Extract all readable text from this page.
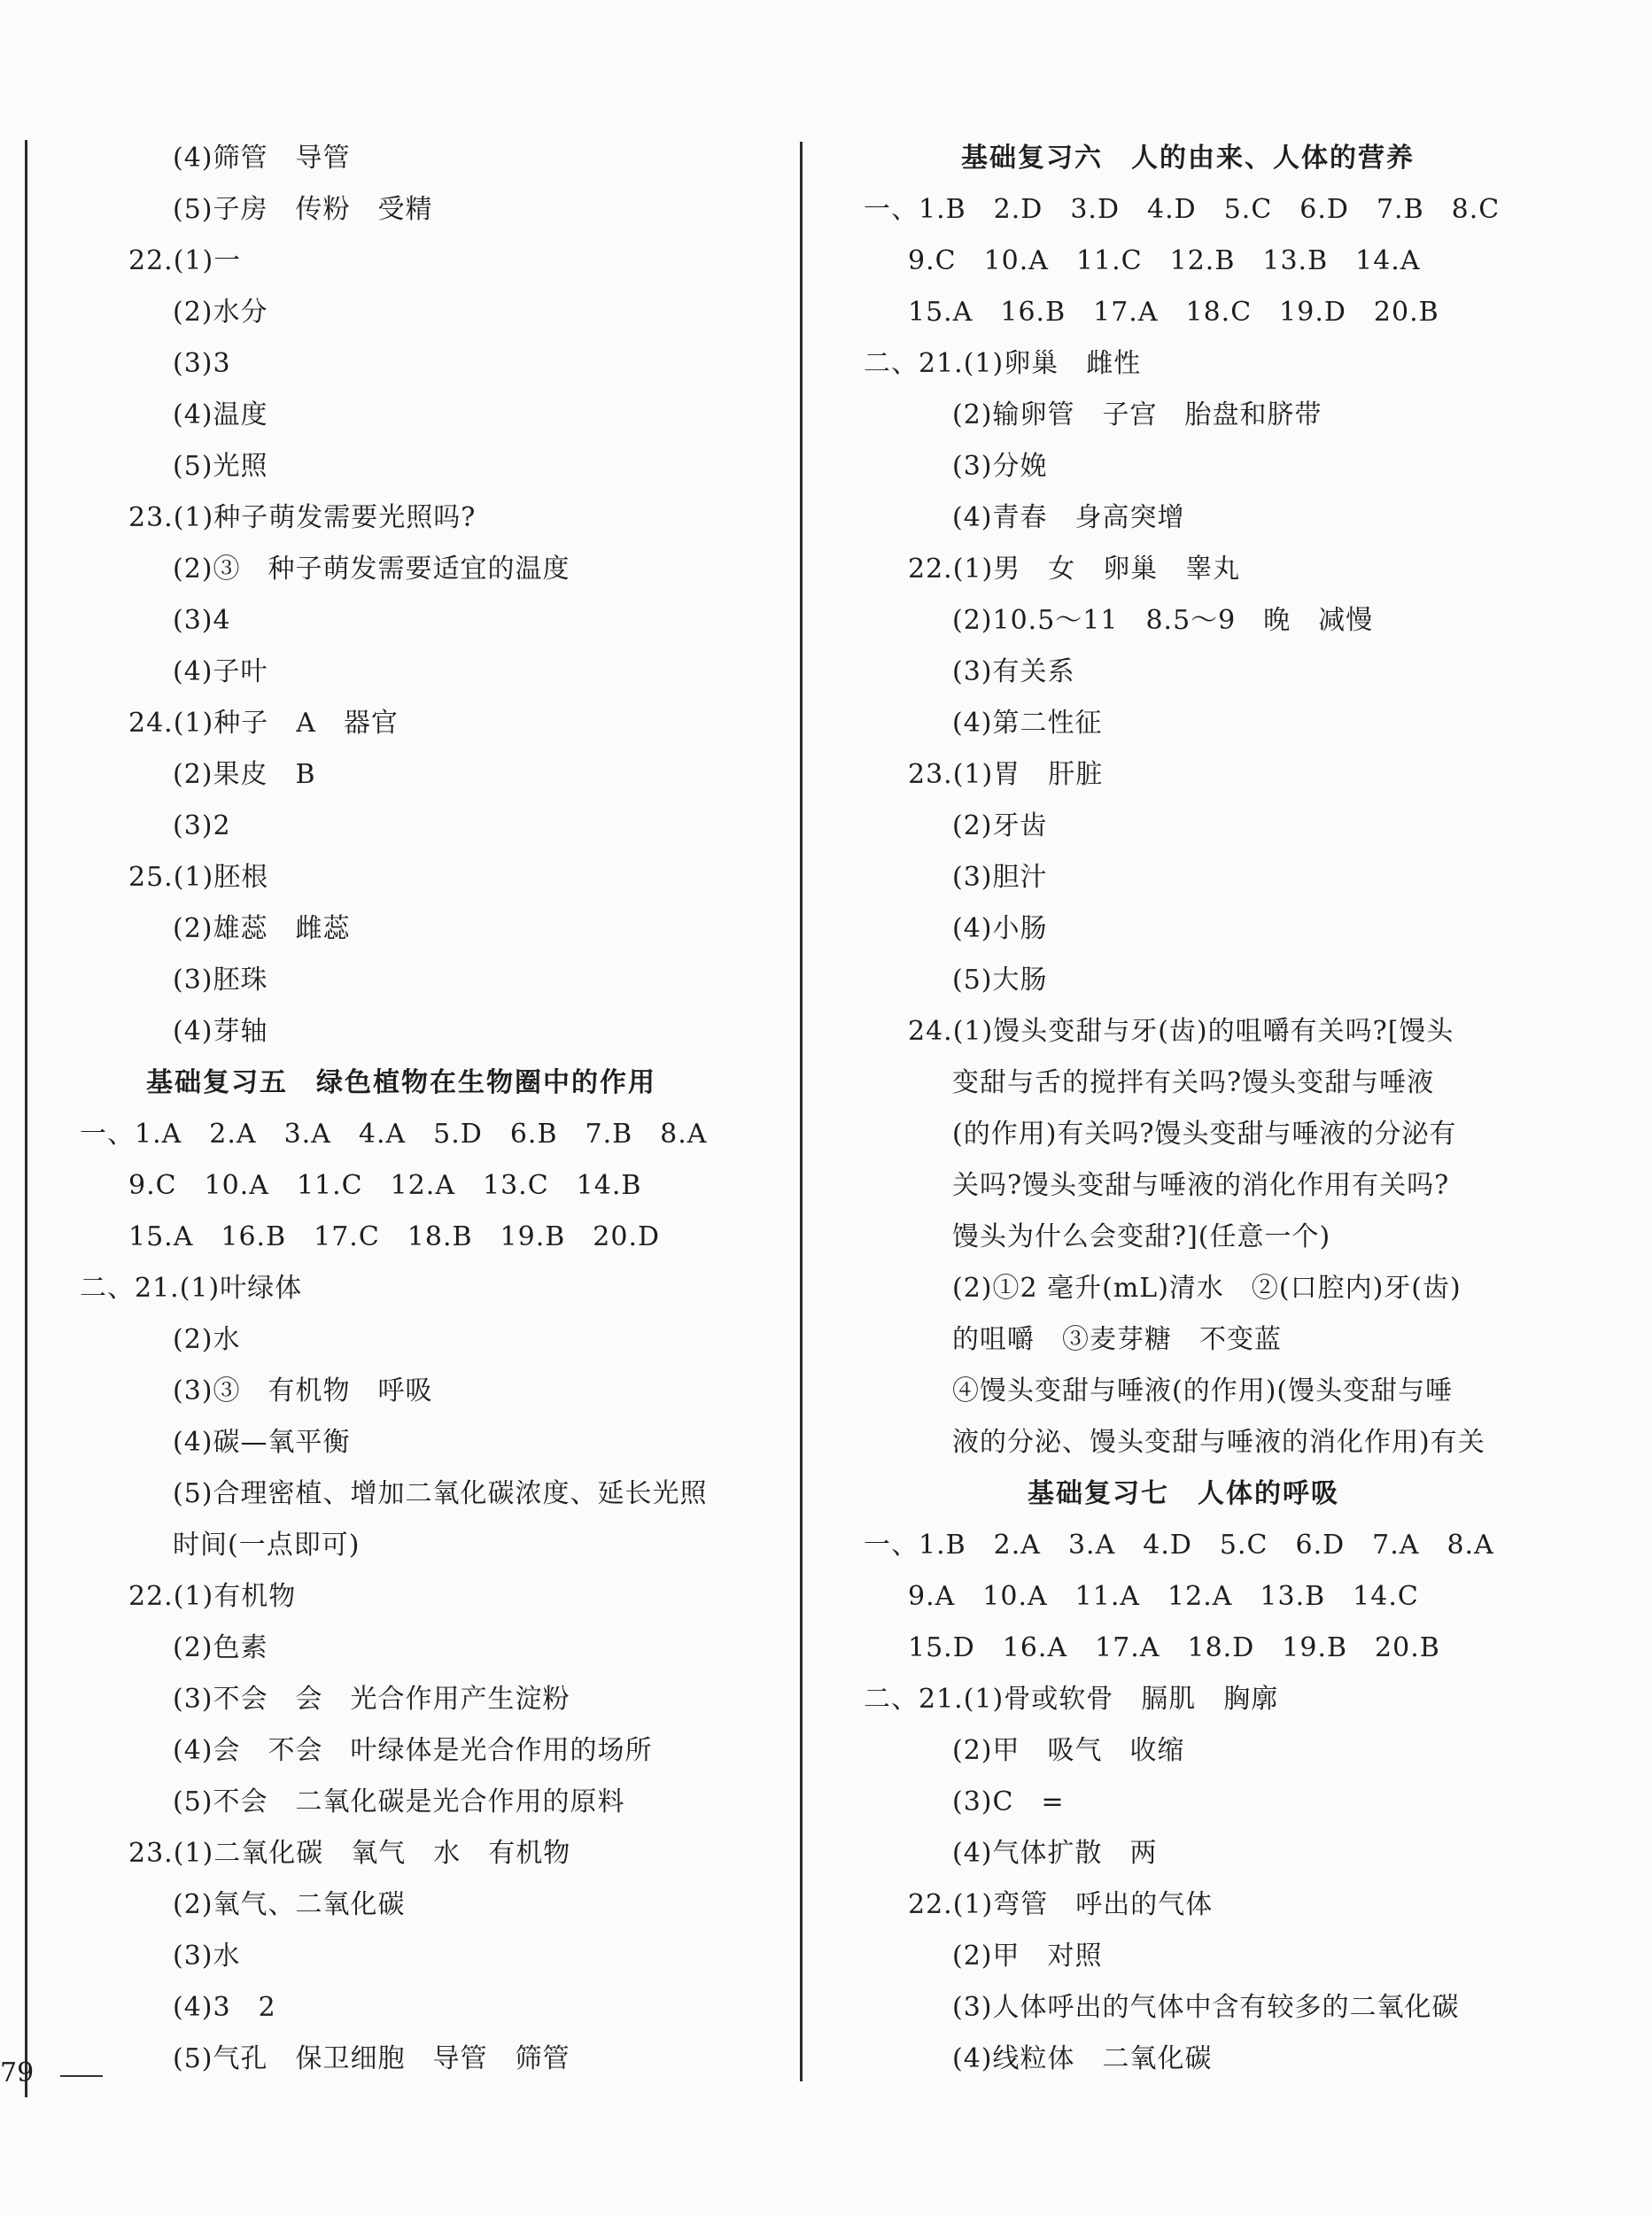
(4)筛管　导管
(5)子房　传粉　受精
22.(1)一
(2)水分
(3)3
(4)温度
(5)光照
23.(1)种子萌发需要光照吗?
(2)③　种子萌发需要适宜的温度
(3)4
(4)子叶
24.(1)种子　A　器官
(2)果皮　B
(3)2
25.(1)胚根
(2)雄蕊　雌蕊
(3)胚珠
(4)芽轴
基础复习五　绿色植物在生物圈中的作用
一、1.A　2.A　3.A　4.A　5.D　6.B　7.B　8.A
9.C　10.A　11.C　12.A　13.C　14.B
15.A　16.B　17.C　18.B　19.B　20.D
二、21.(1)叶绿体
(2)水
(3)③　有机物　呼吸
(4)碳—氧平衡
(5)合理密植、增加二氧化碳浓度、延长光照
时间(一点即可)
22.(1)有机物
(2)色素
(3)不会　会　光合作用产生淀粉
(4)会　不会　叶绿体是光合作用的场所
(5)不会　二氧化碳是光合作用的原料
23.(1)二氧化碳　氧气　水　有机物
(2)氧气、二氧化碳
(3)水
(4)3　2
(5)气孔　保卫细胞　导管　筛管
基础复习六　人的由来、人体的营养
一、1.B　2.D　3.D　4.D　5.C　6.D　7.B　8.C
9.C　10.A　11.C　12.B　13.B　14.A
15.A　16.B　17.A　18.C　19.D　20.B
二、21.(1)卵巢　雌性
(2)输卵管　子宫　胎盘和脐带
(3)分娩
(4)青春　身高突增
22.(1)男　女　卵巢　睾丸
(2)10.5～11　8.5～9　晚　减慢
(3)有关系
(4)第二性征
23.(1)胃　肝脏
(2)牙齿
(3)胆汁
(4)小肠
(5)大肠
24.(1)馒头变甜与牙(齿)的咀嚼有关吗?[馒头
变甜与舌的搅拌有关吗?馒头变甜与唾液
(的作用)有关吗?馒头变甜与唾液的分泌有
关吗?馒头变甜与唾液的消化作用有关吗?
馒头为什么会变甜?](任意一个)
(2)①2 毫升(mL)清水　②(口腔内)牙(齿)
的咀嚼　③麦芽糖　不变蓝
④馒头变甜与唾液(的作用)(馒头变甜与唾
液的分泌、馒头变甜与唾液的消化作用)有关
基础复习七　人体的呼吸
一、1.B　2.A　3.A　4.D　5.C　6.D　7.A　8.A
9.A　10.A　11.A　12.A　13.B　14.C
15.D　16.A　17.A　18.D　19.B　20.B
二、21.(1)骨或软骨　膈肌　胸廓
(2)甲　吸气　收缩
(3)C　=
(4)气体扩散　两
22.(1)弯管　呼出的气体
(2)甲　对照
(3)人体呼出的气体中含有较多的二氧化碳
(4)线粒体　二氧化碳
79
